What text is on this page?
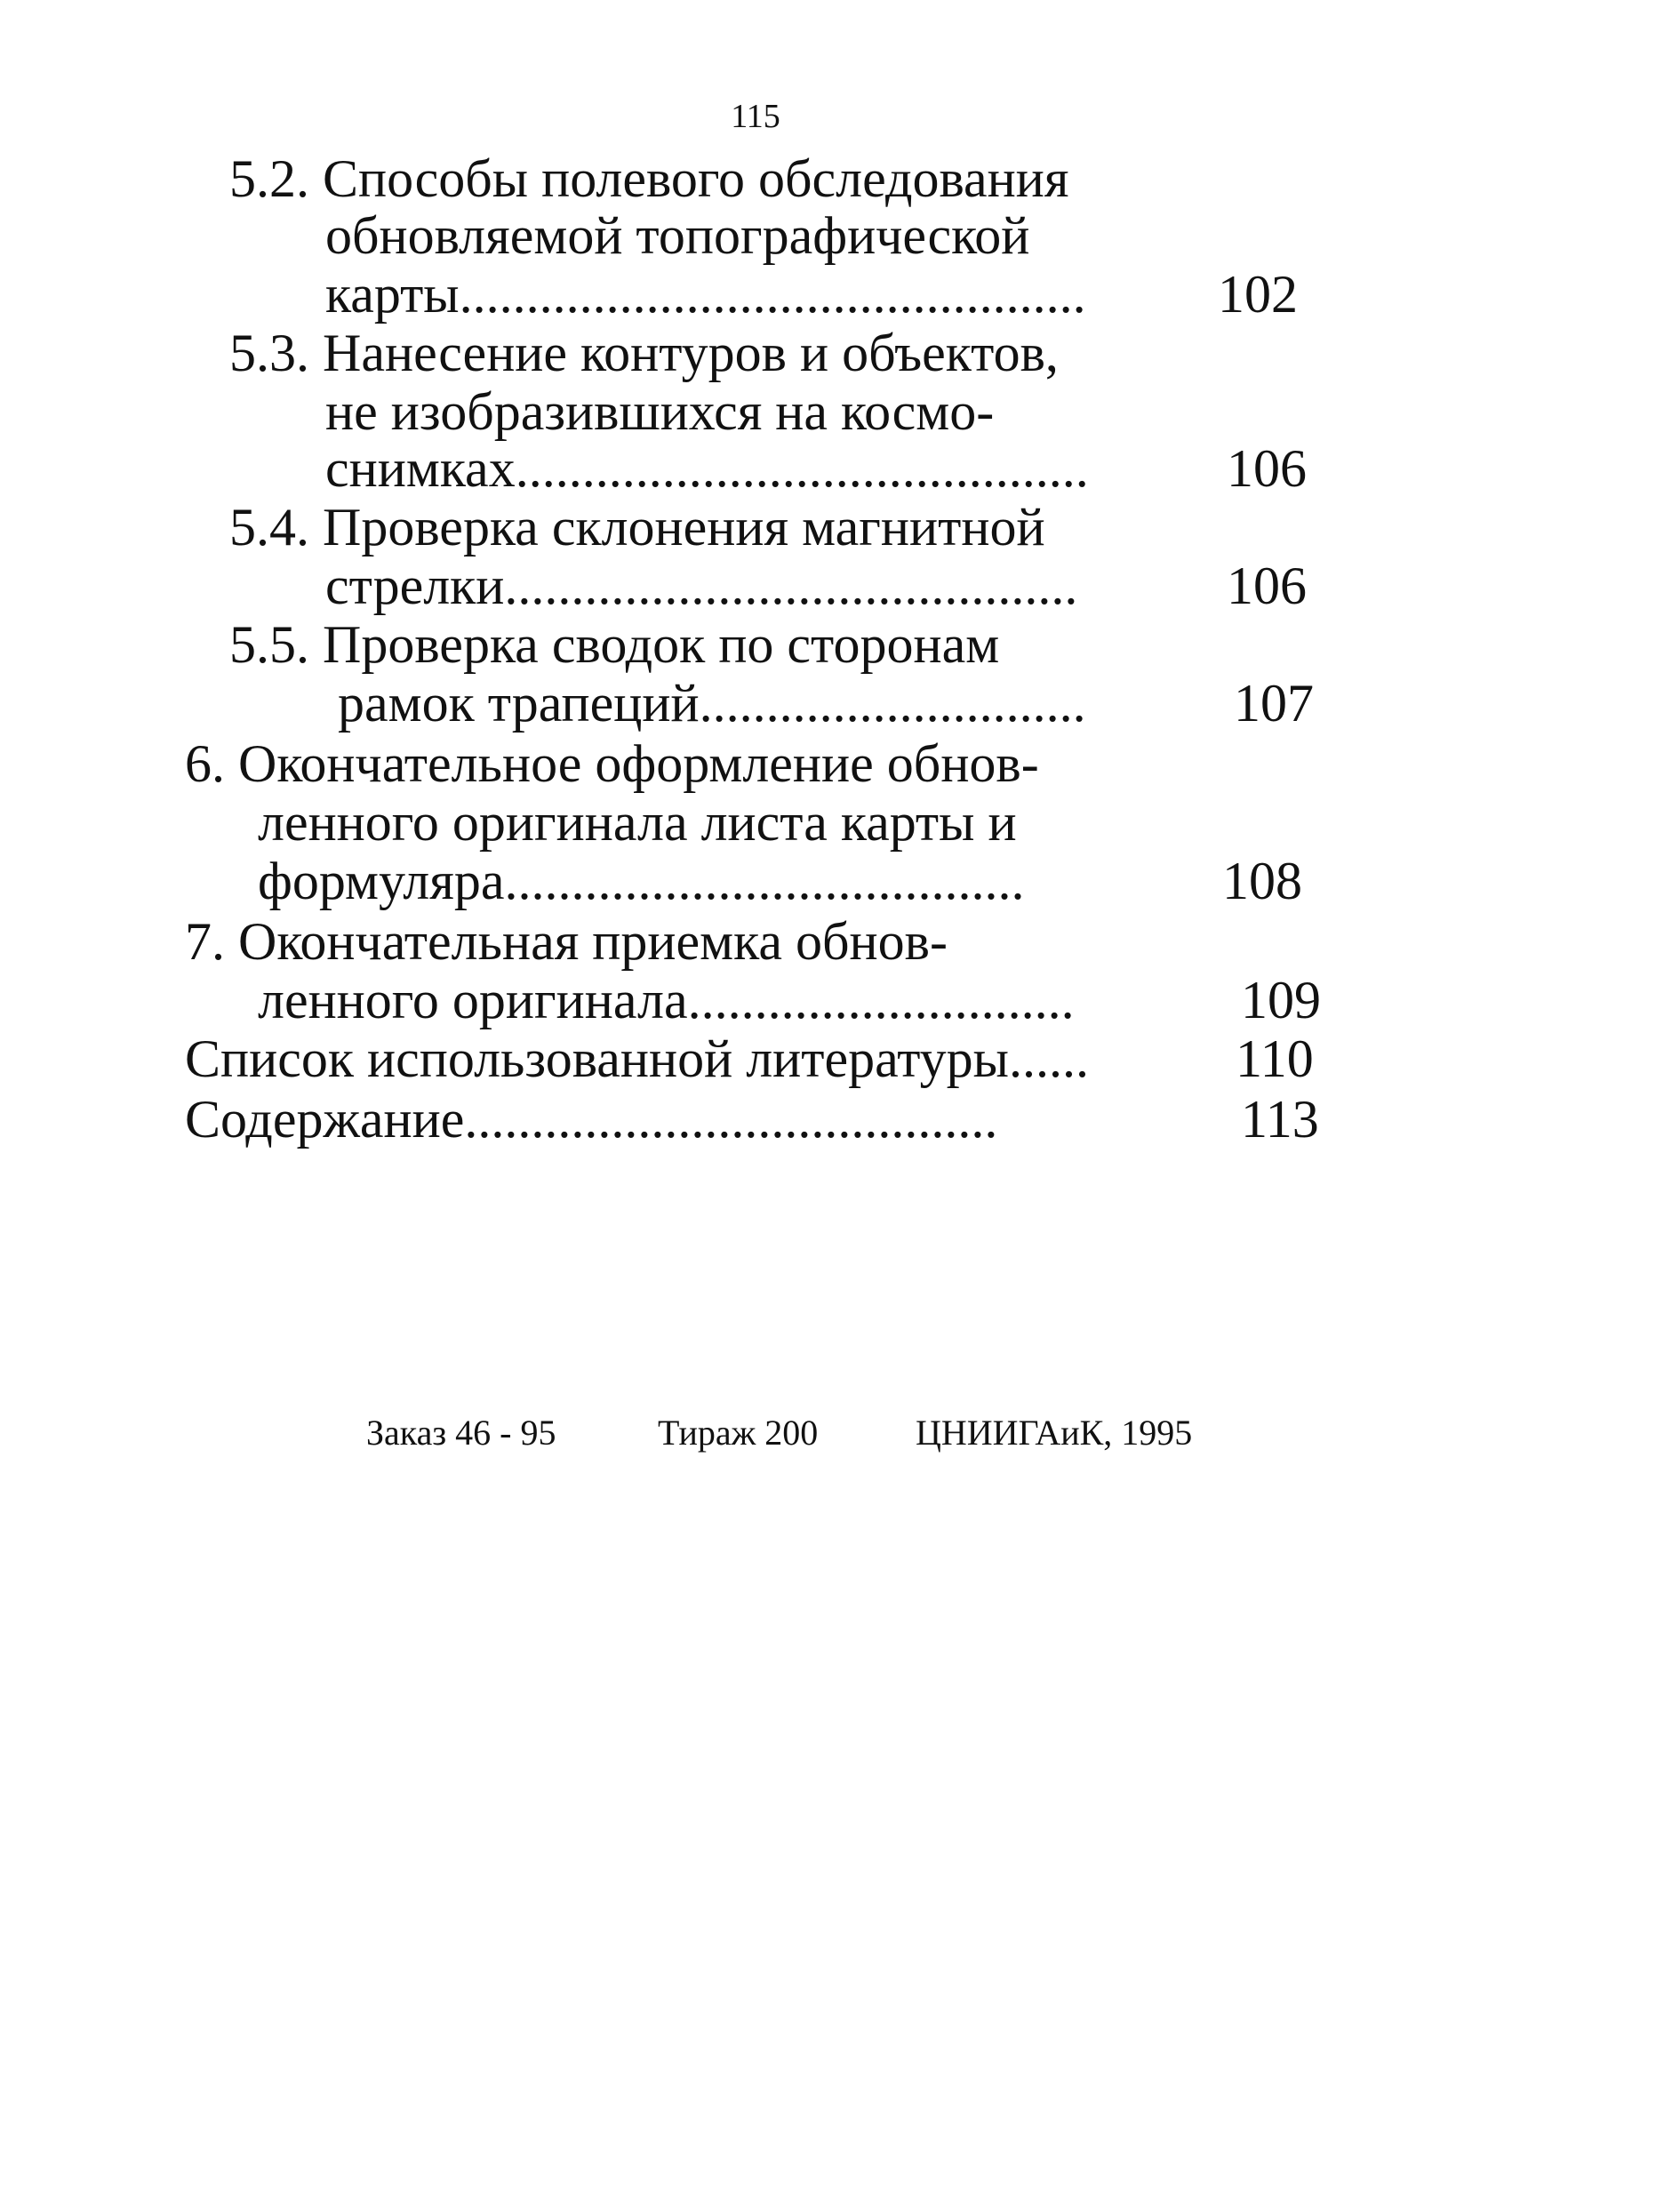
115
5.2. Способы полевого обследования
обновляемой топографической
карты............................................... 102
5.3. Нанесение контуров и объектов,
не изобразившихся на космо-
снимках...........................................	106
5.4. Проверка склонения магнитной
стрелки...........................................	106
5.5. Проверка сводок по сторонам
рамок трапеций.............................	107
6. Окончательное оформление обнов-
ленного оригинала листа карты и
формуляра.......................................	108
7. Окончательная приемка обнов-
ленного оригинала.............................	109
Список использованной литературы......	110
Содержание........................................	113
Заказ 46 - 95	Тираж 200	ЦНИИГАиК, 1995
